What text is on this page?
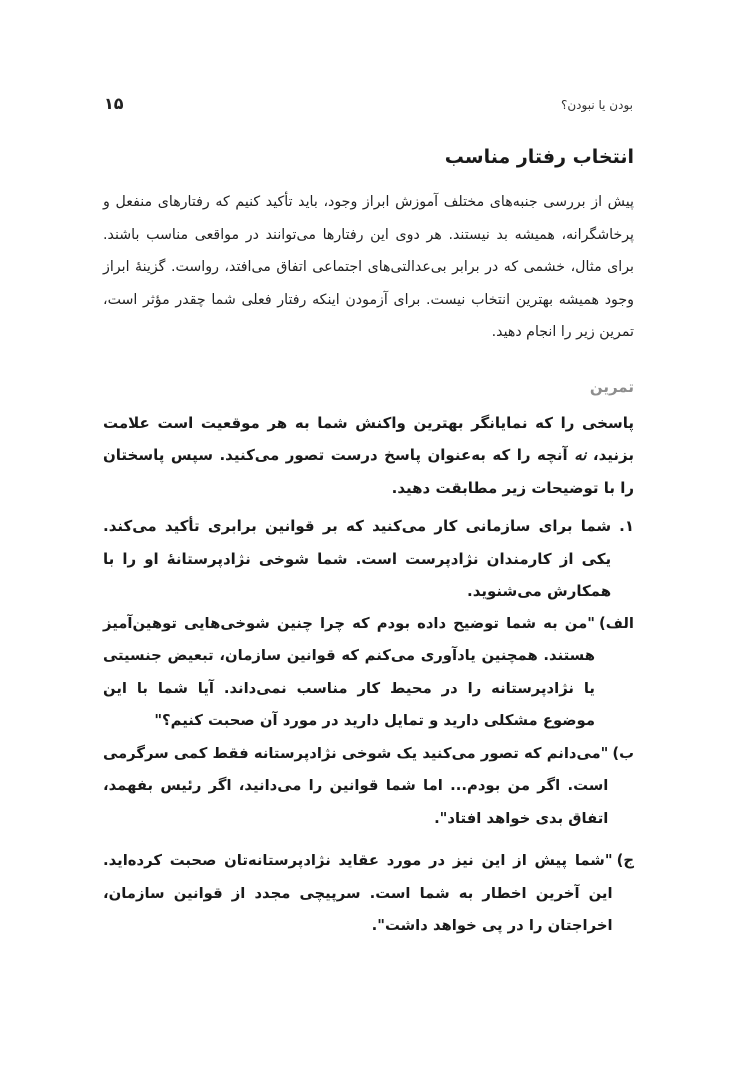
بودن یا نبودن؟
۱۵
انتخاب رفتار مناسب

پیش از بررسی جنبه‌های مختلف آموزش ابراز وجود، باید تأکید کنیم که رفتارهای منفعل و پرخاشگرانه، همیشه بد نیستند. هر دوی این رفتارها می‌توانند در مواقعی مناسب باشند. برای مثال، خشمی که در برابر بی‌عدالتی‌های اجتماعی اتفاق می‌افتد، رواست. گزینهٔ ابراز وجود همیشه بهترین انتخاب نیست. برای آزمودن اینکه رفتار فعلی شما چقدر مؤثر است، تمرین زیر را انجام دهید.

تمرین

پاسخی را که نمایانگر بهترین واکنش شما به هر موقعیت است علامت بزنید، نه آنچه را که به‌عنوان پاسخ درست تصور می‌کنید. سپس پاسختان را با توضیحات زیر مطابقت دهید.

۱.
شما برای سازمانی کار می‌کنید که بر قوانین برابری تأکید می‌کند. یکی از کارمندان نژادپرست است. شما شوخی نژادپرستانهٔ او را با همکارش می‌شنوید.
الف)
"من به شما توضیح داده بودم که چرا چنین شوخی‌هایی توهین‌آمیز هستند. همچنین یادآوری می‌کنم که قوانین سازمان، تبعیض جنسیتی یا نژادپرستانه را در محیط کار مناسب نمی‌داند. آیا شما با این موضوع مشکلی دارید و تمایل دارید در مورد آن صحبت کنیم؟"
ب)
"می‌دانم که تصور می‌کنید یک شوخی نژادپرستانه فقط کمی سرگرمی است. اگر من بودم... اما شما قوانین را می‌دانید، اگر رئیس بفهمد، اتفاق بدی خواهد افتاد".
ج)
"شما پیش از این نیز در مورد عقاید نژادپرستانه‌تان صحبت کرده‌اید. این آخرین اخطار به شما است. سرپیچی مجدد از قوانین سازمان، اخراجتان را در پی خواهد داشت".
